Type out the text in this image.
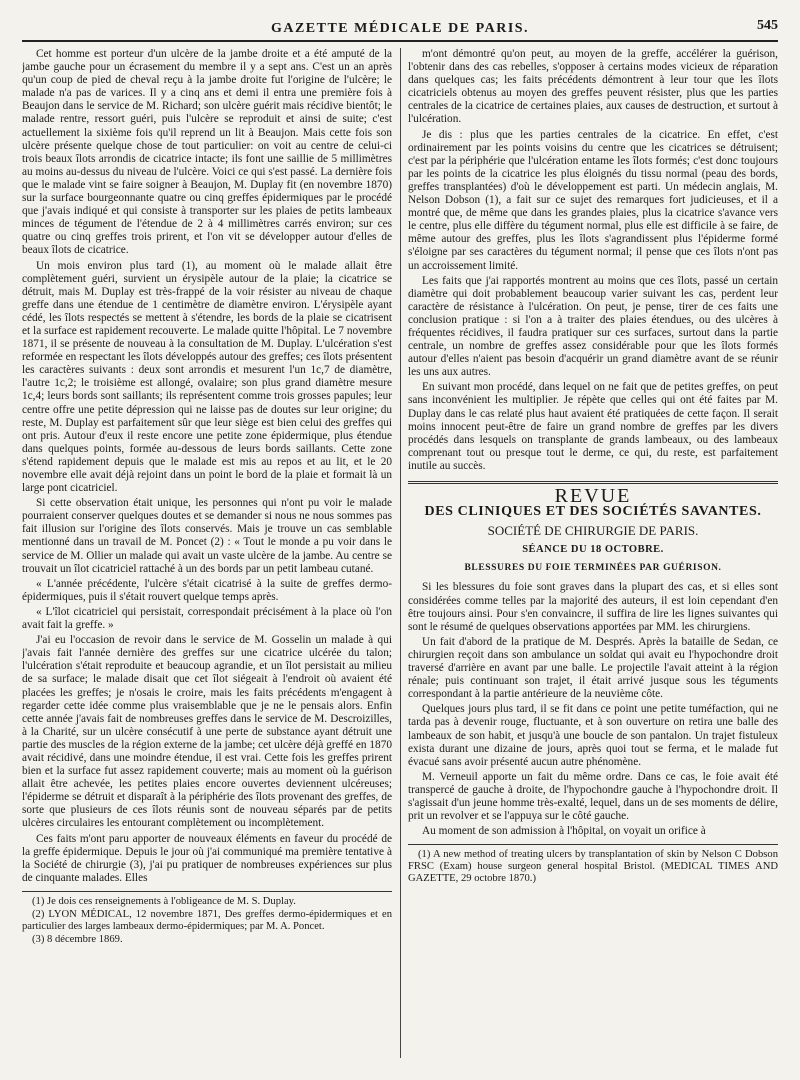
GAZETTE MÉDICALE DE PARIS.	545

Cet homme est porteur d'un ulcère de la jambe droite et a été amputé de la jambe gauche pour un écrasement du membre il y a sept ans. C'est un an après qu'un coup de pied de cheval reçu à la jambe droite fut l'origine de l'ulcère; le malade n'a pas de varices. Il y a cinq ans et demi il entra une première fois à Beaujon dans le service de M. Richard; son ulcère guérit mais récidive bientôt; le malade rentre, ressort guéri, puis l'ulcère se reproduit et ainsi de suite; c'est actuellement la sixième fois qu'il reprend un lit à Beaujon. Mais cette fois son ulcère présente quelque chose de tout particulier: on voit au centre de celui-ci trois beaux îlots arrondis de cicatrice intacte; ils font une saillie de 5 millimètres au moins au-dessus du niveau de l'ulcère. Voici ce qui s'est passé. La dernière fois que le malade vint se faire soigner à Beaujon, M. Duplay fit (en novembre 1870) sur la surface bourgeonnante quatre ou cinq greffes épidermiques par le procédé que j'avais indiqué et qui consiste à transporter sur les plaies de petits lambeaux minces de tégument de l'étendue de 2 à 4 millimètres carrés environ; sur ces quatre ou cinq greffes trois prirent, et l'on vit se développer autour d'elles de beaux îlots de cicatrice.

Un mois environ plus tard (1), au moment où le malade allait être complètement guéri, survient un érysipèle autour de la plaie; la cicatrice se détruit, mais M. Duplay est très-frappé de la voir résister au niveau de chaque greffe dans une étendue de 1 centimètre de diamètre environ. L'érysipèle ayant cédé, les îlots respectés se mettent à s'étendre, les bords de la plaie se cicatrisent et la surface est rapidement recouverte. Le malade quitte l'hôpital. Le 7 novembre 1871, il se présente de nouveau à la consultation de M. Duplay. L'ulcération s'est reformée en respectant les îlots développés autour des greffes; ces îlots présentent les caractères suivants : deux sont arrondis et mesurent l'un 1c,7 de diamètre, l'autre 1c,2; le troisième est allongé, ovalaire; son plus grand diamètre mesure 1c,4; leurs bords sont saillants; ils représentent comme trois grosses papules; leur centre offre une petite dépression qui ne laisse pas de doutes sur leur origine; du reste, M. Duplay est parfaitement sûr que leur siège est bien celui des greffes qui ont pris. Autour d'eux il reste encore une petite zone épidermique, plus étendue dans quelques points, formée au-dessous de leurs bords saillants. Cette zone s'étend rapidement depuis que le malade est mis au repos et au lit, et le 20 novembre elle avait déjà rejoint dans un point le bord de la plaie et formait là un large pont cicatriciel.

Si cette observation était unique, les personnes qui n'ont pu voir le malade pourraient conserver quelques doutes et se demander si nous ne nous sommes pas fait illusion sur l'origine des îlots conservés. Mais je trouve un cas semblable mentionné dans un travail de M. Poncet (2) : « Tout le monde a pu voir dans le service de M. Ollier un malade qui avait un vaste ulcère de la jambe. Au centre se trouvait un îlot cicatriciel rattaché à un des bords par un petit lambeau cutané.

« L'année précédente, l'ulcère s'était cicatrisé à la suite de greffes dermo-épidermiques, puis il s'était rouvert quelque temps après.

« L'îlot cicatriciel qui persistait, correspondait précisément à la place où l'on avait fait la greffe. »

J'ai eu l'occasion de revoir dans le service de M. Gosselin un malade à qui j'avais fait l'année dernière des greffes sur une cicatrice ulcérée du talon; l'ulcération s'était reproduite et beaucoup agrandie, et un îlot persistait au milieu de sa surface; le malade disait que cet îlot siégeait à l'endroit où avaient été placées les greffes; je n'osais le croire, mais les faits précédents m'engagent à regarder cette idée comme plus vraisemblable que je ne le pensais alors. Enfin cette année j'avais fait de nombreuses greffes dans le service de M. Descroizilles, à la Charité, sur un ulcère consécutif à une perte de substance ayant détruit une partie des muscles de la région externe de la jambe; cet ulcère déjà greffé en 1870 avait récidivé, dans une moindre étendue, il est vrai. Cette fois les greffes prirent bien et la surface fut assez rapidement couverte; mais au moment où la guérison allait être achevée, les petites plaies encore ouvertes deviennent ulcéreuses; l'épiderme se détruit et disparaît à la périphérie des îlots provenant des greffes, de sorte que plusieurs de ces îlots réunis sont de nouveau séparés par de petits ulcères circulaires les entourant complètement ou incomplètement.

Ces faits m'ont paru apporter de nouveaux éléments en faveur du procédé de la greffe épidermique. Depuis le jour où j'ai communiqué ma première tentative à la Société de chirurgie (3), j'ai pu pratiquer de nombreuses expériences sur plus de cinquante malades. Elles

(1) Je dois ces renseignements à l'obligeance de M. S. Duplay.

(2) LYON MÉDICAL, 12 novembre 1871, Des greffes dermo-épidermiques et en particulier des larges lambeaux dermo-épidermiques; par M. A. Poncet.

(3) 8 décembre 1869.

m'ont démontré qu'on peut, au moyen de la greffe, accélérer la guérison, l'obtenir dans des cas rebelles, s'opposer à certains modes vicieux de réparation dans quelques cas; les faits précédents démontrent à leur tour que les îlots cicatriciels obtenus au moyen des greffes peuvent résister, plus que les parties centrales de la cicatrice de certaines plaies, aux causes de destruction, et surtout à l'ulcération.

Je dis : plus que les parties centrales de la cicatrice. En effet, c'est ordinairement par les points voisins du centre que les cicatrices se détruisent; c'est par la périphérie que l'ulcération entame les îlots formés; c'est donc toujours par les points de la cicatrice les plus éloignés du tissu normal (peau des bords, greffes transplantées) d'où le développement est parti. Un médecin anglais, M. Nelson Dobson (1), a fait sur ce sujet des remarques fort judicieuses, et il a montré que, de même que dans les grandes plaies, plus la cicatrice s'avance vers le centre, plus elle diffère du tégument normal, plus elle est difficile à se faire, de même autour des greffes, plus les îlots s'agrandissent plus l'épiderme formé s'éloigne par ses caractères du tégument normal; il pense que ces îlots n'ont pas un accroissement limité.

Les faits que j'ai rapportés montrent au moins que ces îlots, passé un certain diamètre qui doit probablement beaucoup varier suivant les cas, perdent leur caractère de résistance à l'ulcération. On peut, je pense, tirer de ces faits une conclusion pratique : si l'on a à traiter des plaies étendues, ou des ulcères à fréquentes récidives, il faudra pratiquer sur ces surfaces, surtout dans la partie centrale, un nombre de greffes assez considérable pour que les îlots formés autour d'elles n'aient pas besoin d'acquérir un grand diamètre avant de se réunir les uns aux autres.

En suivant mon procédé, dans lequel on ne fait que de petites greffes, on peut sans inconvénient les multiplier. Je répète que celles qui ont été faites par M. Duplay dans le cas relaté plus haut avaient été pratiquées de cette façon. Il serait moins innocent peut-être de faire un grand nombre de greffes par les divers procédés dans lesquels on transplante de grands lambeaux, ou des lambeaux comprenant tout ou presque tout le derme, ce qui, du reste, est parfaitement inutile au succès.

REVUE
DES CLINIQUES ET DES SOCIÉTÉS SAVANTES.
SOCIÉTÉ DE CHIRURGIE DE PARIS.
SÉANCE DU 18 OCTOBRE.
BLESSURES DU FOIE TERMINÉES PAR GUÉRISON.

Si les blessures du foie sont graves dans la plupart des cas, et si elles sont considérées comme telles par la majorité des auteurs, il est loin cependant d'en être toujours ainsi. Pour s'en convaincre, il suffira de lire les lignes suivantes qui sont le résumé de quelques observations apportées par MM. les chirurgiens.

Un fait d'abord de la pratique de M. Després. Après la bataille de Sedan, ce chirurgien reçoit dans son ambulance un soldat qui avait eu l'hypochondre droit traversé d'arrière en avant par une balle. Le projectile l'avait atteint à la région rénale; puis continuant son trajet, il était arrivé jusque sous les téguments correspondant à la partie antérieure de la neuvième côte.

Quelques jours plus tard, il se fit dans ce point une petite tuméfaction, qui ne tarda pas à devenir rouge, fluctuante, et à son ouverture on retira une balle des lambeaux de son habit, et jusqu'à une boucle de son pantalon. Un trajet fistuleux exista durant une dizaine de jours, après quoi tout se ferma, et le malade fut évacué sans avoir présenté aucun autre phénomène.

M. Verneuil apporte un fait du même ordre. Dans ce cas, le foie avait été transpercé de gauche à droite, de l'hypochondre gauche à l'hypochondre droit. Il s'agissait d'un jeune homme très-exalté, lequel, dans un de ses moments de délire, prit un revolver et se l'appuya sur le côté gauche.

Au moment de son admission à l'hôpital, on voyait un orifice à

(1) A new method of treating ulcers by transplantation of skin by Nelson C Dobson FRSC (Exam) house surgeon general hospital Bristol. (MEDICAL TIMES AND GAZETTE, 29 octobre 1870.)
